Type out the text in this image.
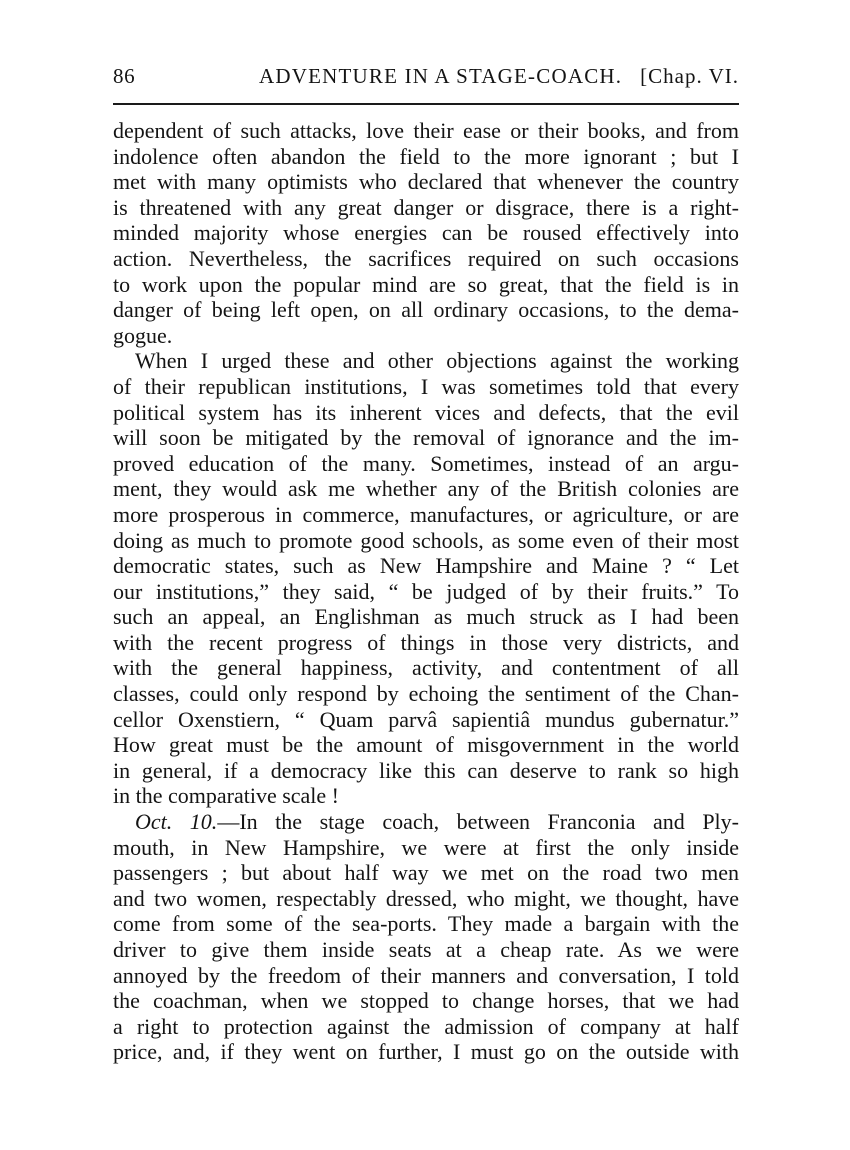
86	ADVENTURE IN A STAGE-COACH. [Chap. VI.
dependent of such attacks, love their ease or their books, and from
indolence often abandon the field to the more ignorant ; but I
met with many optimists who declared that whenever the country
is threatened with any great danger or disgrace, there is a right-
minded majority whose energies can be roused effectively into
action. Nevertheless, the sacrifices required on such occasions
to work upon the popular mind are so great, that the field is in
danger of being left open, on all ordinary occasions, to the dema-
gogue.
When I urged these and other objections against the working
of their republican institutions, I was sometimes told that every
political system has its inherent vices and defects, that the evil
will soon be mitigated by the removal of ignorance and the im-
proved education of the many. Sometimes, instead of an argu-
ment, they would ask me whether any of the British colonies are
more prosperous in commerce, manufactures, or agriculture, or are
doing as much to promote good schools, as some even of their most
democratic states, such as New Hampshire and Maine ? “ Let
our institutions,” they said, “ be judged of by their fruits.” To
such an appeal, an Englishman as much struck as I had been
with the recent progress of things in those very districts, and
with the general happiness, activity, and contentment of all
classes, could only respond by echoing the sentiment of the Chan-
cellor Oxenstiern, “ Quam parvâ sapientiâ mundus gubernatur.”
How great must be the amount of misgovernment in the world
in general, if a democracy like this can deserve to rank so high
in the comparative scale !
Oct. 10.—In the stage coach, between Franconia and Ply-
mouth, in New Hampshire, we were at first the only inside
passengers ; but about half way we met on the road two men
and two women, respectably dressed, who might, we thought, have
come from some of the sea-ports. They made a bargain with the
driver to give them inside seats at a cheap rate. As we were
annoyed by the freedom of their manners and conversation, I told
the coachman, when we stopped to change horses, that we had
a right to protection against the admission of company at half
price, and, if they went on further, I must go on the outside with
